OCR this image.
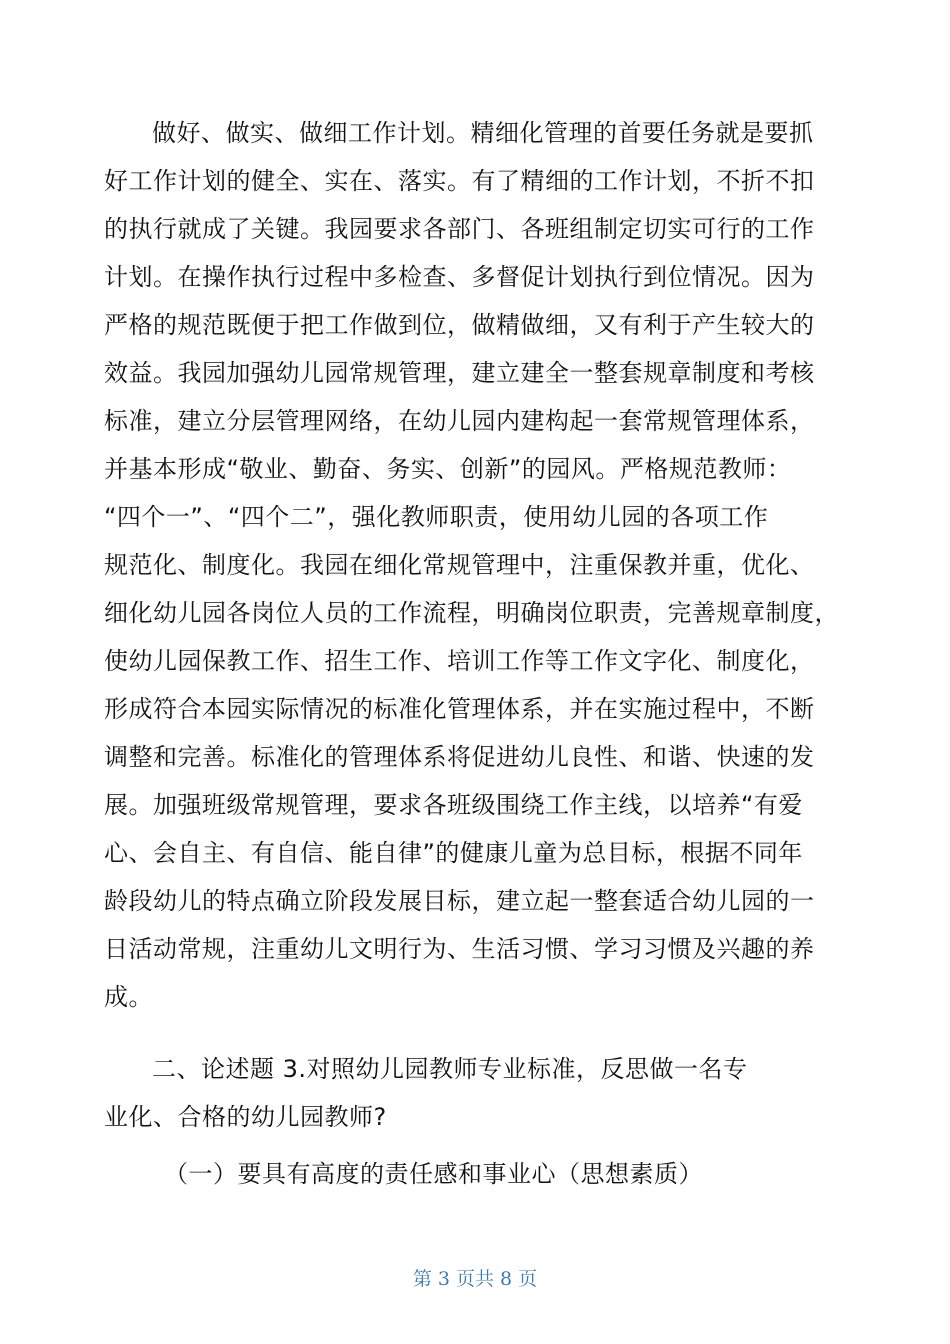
做好、做实、做细工作计划。精细化管理的首要任务就是要抓
好工作计划的健全、实在、落实。有了精细的工作计划，不折不扣
的执行就成了关键。我园要求各部门、各班组制定切实可行的工作
计划。在操作执行过程中多检查、多督促计划执行到位情况。因为
严格的规范既便于把工作做到位，做精做细，又有利于产生较大的
效益。我园加强幼儿园常规管理，建立建全一整套规章制度和考核
标准，建立分层管理网络，在幼儿园内建构起一套常规管理体系，
并基本形成“敬业、勤奋、务实、创新”的园风。严格规范教师：
“四个一”、“四个二”，强化教师职责，使用幼儿园的各项工作
规范化、制度化。我园在细化常规管理中，注重保教并重，优化、
细化幼儿园各岗位人员的工作流程，明确岗位职责，完善规章制度，
使幼儿园保教工作、招生工作、培训工作等工作文字化、制度化，
形成符合本园实际情况的标准化管理体系，并在实施过程中，不断
调整和完善。标准化的管理体系将促进幼儿良性、和谐、快速的发
展。加强班级常规管理，要求各班级围绕工作主线，以培养“有爱
心、会自主、有自信、能自律”的健康儿童为总目标，根据不同年
龄段幼儿的特点确立阶段发展目标，建立起一整套适合幼儿园的一
日活动常规，注重幼儿文明行为、生活习惯、学习习惯及兴趣的养
成。
二、论述题 3.对照幼儿园教师专业标准，反思做一名专
业化、合格的幼儿园教师?
（一）要具有高度的责任感和事业心（思想素质）
第 3 页共 8 页
